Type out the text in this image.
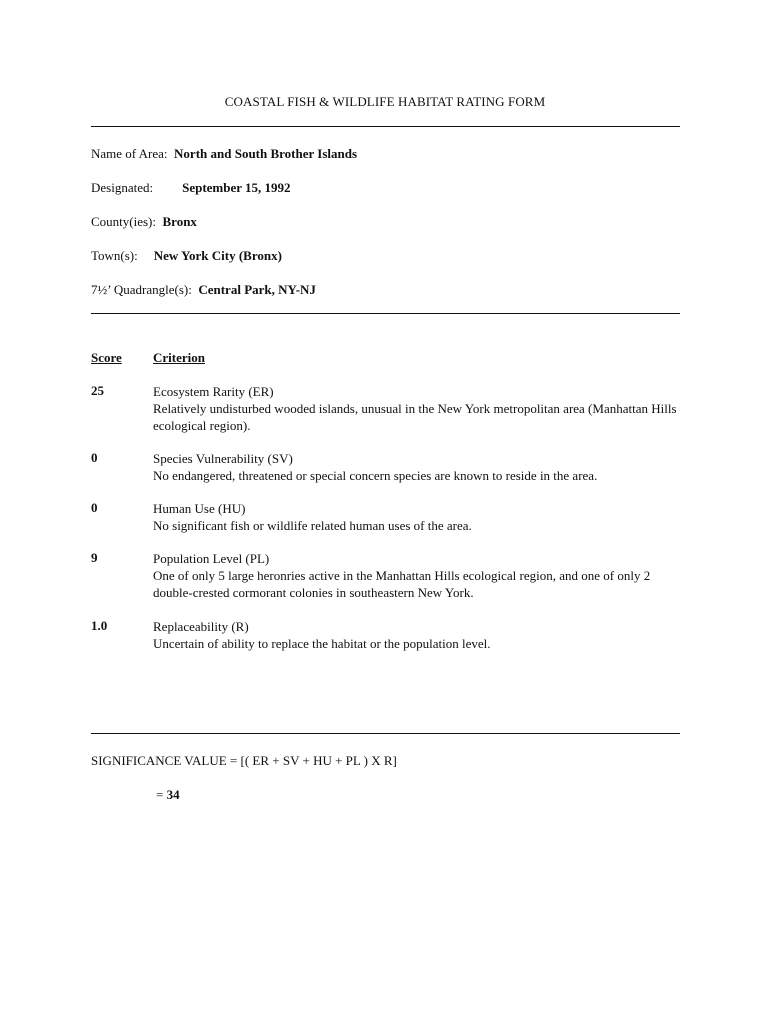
COASTAL FISH & WILDLIFE HABITAT RATING FORM
Name of Area: North and South Brother Islands
Designated: September 15, 1992
County(ies): Bronx
Town(s): New York City (Bronx)
7½’ Quadrangle(s): Central Park, NY-NJ
Score Criterion
25	Ecosystem Rarity (ER)
Relatively undisturbed wooded islands, unusual in the New York metropolitan area (Manhattan Hills ecological region).
0	Species Vulnerability (SV)
No endangered, threatened or special concern species are known to reside in the area.
0	Human Use (HU)
No significant fish or wildlife related human uses of the area.
9	Population Level (PL)
One of only 5 large heronries active in the Manhattan Hills ecological region, and one of only 2 double-crested cormorant colonies in southeastern New York.
1.0	Replaceability (R)
Uncertain of ability to replace the habitat or the population level.
SIGNIFICANCE VALUE = [( ER + SV + HU + PL ) X R]
= 34
